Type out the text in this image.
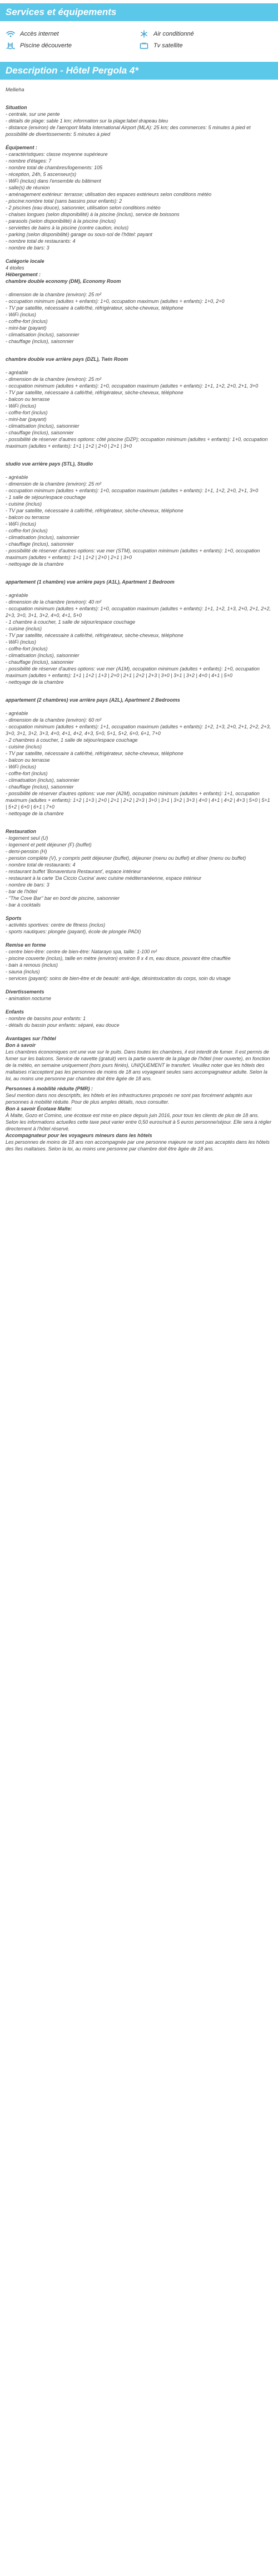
Services et équipements
Accès internet	Air conditionné
Piscine découverte	Tv satellite
Description - Hôtel Pergola 4*

Mellieha

Situation

- centrale, sur une pente

- détails de plage: sable 1 km; information sur la plage:label drapeau bleu

- distance (environ) de l'aeroport Malta International Airport (MLA): 25 km; des commerces: 5 minutes à pied et possibilité de divertissements: 5 minutes à pied

Équipement :

- caractéristiques: classe moyenne supérieure

- nombre d'étages: 7

- nombre total de chambres/logements: 105

- réception, 24h, 5 ascenseur(s)

- WiFi (inclus) dans l'ensemble du bâtiment

- salle(s) de réunion

- aménagement extérieur: terrasse; utilisation des espaces extérieurs selon conditions météo

- piscine:nombre total (sans bassins pour enfants): 2

- 2 piscines (eau douce), saisonnier, utilisation selon conditions météo

- chaises longues (selon disponibilité) à la piscine (inclus), service de boissons

- parasols (selon disponibilité) à la piscine (inclus)

- serviettes de bains à la piscine (contre caution, inclus)

- parking (selon disponibilité) garage ou sous-sol de l'hôtel: payant

- nombre total de restaurants: 4

- nombre de bars: 3

Catégorie locale

4 étoiles

Hébergement :

chambre double economy (DM), Economy Room

- dimension de la chambre (environ): 25 m²

- occupation minimum (adultes + enfants): 1+0, occupation maximum (adultes + enfants): 1+0, 2+0

- TV par satellite, nécessaire à café/thé, réfrigérateur, sèche-cheveux, téléphone

- WiFi (inclus)

- coffre-fort (inclus)

- mini-bar (payant)

- climatisation (inclus), saisonnier

- chauffage (inclus), saisonnier

chambre double vue arrière pays (DZL), Twin Room

- agréable

- dimension de la chambre (environ): 25 m²

- occupation minimum (adultes + enfants): 1+0, occupation maximum (adultes + enfants): 1+1, 1+2, 2+0, 2+1, 3+0

- TV par satellite, nécessaire à café/thé, réfrigérateur, sèche-cheveux, téléphone

- balcon ou terrasse

- WiFi (inclus)

- coffre-fort (inclus)

- mini-bar (payant)

- climatisation (inclus), saisonnier

- chauffage (inclus), saisonnier

- possibilité de réserver d'autres options: côté piscine (DZP); occupation minimum (adultes + enfants): 1+0, occupation maximum (adultes + enfants): 1+1 | 1+2 | 2+0 | 2+1 | 3+0

studio vue arrière pays (STL), Studio

- agréable

- dimension de la chambre (environ): 25 m²

- occupation minimum (adultes + enfants): 1+0, occupation maximum (adultes + enfants): 1+1, 1+2, 2+0, 2+1, 3+0

- 1 salle de séjour/espace couchage

- cuisine (inclus)

- TV par satellite, nécessaire à café/thé, réfrigérateur, sèche-cheveux, téléphone

- balcon ou terrasse

- WiFi (inclus)

- coffre-fort (inclus)

- climatisation (inclus), saisonnier

- chauffage (inclus), saisonnier

- possibilité de réserver d'autres options: vue mer (STM), occupation minimum (adultes + enfants): 1+0, occupation maximum (adultes + enfants): 1+1 | 1+2 | 2+0 | 2+1 | 3+0

- nettoyage de la chambre

appartement (1 chambre) vue arrière pays (A1L), Apartment 1 Bedroom

- agréable

- dimension de la chambre (environ): 40 m²

- occupation minimum (adultes + enfants): 1+0, occupation maximum (adultes + enfants): 1+1, 1+2, 1+3, 2+0, 2+1, 2+2, 2+3, 3+0, 3+1, 3+2, 4+0, 4+1, 5+0

- 1 chambre à coucher, 1 salle de séjour/espace couchage

- cuisine (inclus)

- TV par satellite, nécessaire à café/thé, réfrigérateur, sèche-cheveux, téléphone

- WiFi (inclus)

- coffre-fort (inclus)

- climatisation (inclus), saisonnier

- chauffage (inclus), saisonnier

- possibilité de réserver d'autres options: vue mer (A1M), occupation minimum (adultes + enfants): 1+0, occupation maximum (adultes + enfants): 1+1 | 1+2 | 1+3 | 2+0 | 2+1 | 2+2 | 2+3 | 3+0 | 3+1 | 3+2 | 4+0 | 4+1 | 5+0

- nettoyage de la chambre

appartement (2 chambres) vue arrière pays (A2L), Apartment 2 Bedrooms

- agréable

- dimension de la chambre (environ): 60 m²

- occupation minimum (adultes + enfants): 1+1, occupation maximum (adultes + enfants): 1+2, 1+3, 2+0, 2+1, 2+2, 2+3, 3+0, 3+1, 3+2, 3+3, 4+0, 4+1, 4+2, 4+3, 5+0, 5+1, 5+2, 6+0, 6+1, 7+0

- 2 chambres à coucher, 1 salle de séjour/espace couchage

- cuisine (inclus)

- TV par satellite, nécessaire à café/thé, réfrigérateur, sèche-cheveux, téléphone

- balcon ou terrasse

- WiFi (inclus)

- coffre-fort (inclus)

- climatisation (inclus), saisonnier

- chauffage (inclus), saisonnier

- possibilité de réserver d'autres options: vue mer (A2M), occupation minimum (adultes + enfants): 1+1, occupation maximum (adultes + enfants): 1+2 | 1+3 | 2+0 | 2+1 | 2+2 | 2+3 | 3+0 | 3+1 | 3+2 | 3+3 | 4+0 | 4+1 | 4+2 | 4+3 | 5+0 | 5+1 | 5+2 | 6+0 | 6+1 | 7+0

- nettoyage de la chambre

Restauration

- logement seul (U)

- logement et petit déjeuner (F) (buffet)

- demi-pension (H)

- pension complète (V), y compris petit déjeuner (buffet), déjeuner (menu ou buffet) et dîner (menu ou buffet)

- nombre total de restaurants: 4

- restaurant buffet 'Bonaventura Restaurant', espace intérieur

- restaurant à la carte 'Da Ciccio Cucina' avec cuisine méditerranéenne, espace intérieur

- nombre de bars: 3

- bar de l'hôtel

- "The Cove Bar" bar en bord de piscine, saisonnier

- bar à cocktails

Sports

- activités sportives: centre de fitness (inclus)

- sports nautiques: plongée (payant), école de plongée PADI)

Remise en forme

- centre bien-être: centre de bien-être: Natarayo spa, taille: 1-100 m²

- piscine couverte (inclus), taille en mètre (environ) environ 8 x 4 m, eau douce, pouvant être chauffée

- bain à remous (inclus)

- sauna (inclus)

- services (payant): soins de bien-être et de beauté: anti-âge, désintoxication du corps, soin du visage

Divertissements

- animation nocturne

Enfants

- nombre de bassins pour enfants: 1

- détails du bassin pour enfants: séparé, eau douce

Avantages sur l'hôtel

Bon à savoir

Les chambres économiques ont une vue sur le puits. Dans toutes les chambres, il est interdit de fumer. Il est permis de fumer sur les balcons. Service de navette (gratuit) vers la partie ouverte de la plage de l'hôtel (mer ouverte), en fonction de la météo, en semaine uniquement (hors jours fériés), UNIQUEMENT le transfert. Veuillez noter que les hôtels des maltaises n'acceptent pas les personnes de moins de 18 ans voyageant seules sans accompagnateur adulte. Selon la loi, au moins une personne par chambre doit être âgée de 18 ans.

Personnes à mobilité réduite (PMR) :

Seul mention dans nos descriptifs, les hôtels et les infrastructures proposés ne sont pas forcément adaptés aux personnes à mobilité réduite. Pour de plus amples détails, nous consulter.

Bon à savoir Écotaxe Malte:

À Malte, Gozo et Comino, une écotaxe est mise en place depuis juin 2016, pour tous les clients de plus de 18 ans. Selon les informations actuelles cette taxe peut varier entre 0,50 euros/nuit à 5 euros personne/séjour. Elle sera à régler directement à l'hôtel réservé.

Accompagnateur pour les voyageurs mineurs dans les hôtels

Les personnes de moins de 18 ans non accompagnée par une personne majeure ne sont pas acceptés dans les hôtels des îles maltaises. Selon la loi, au moins une personne par chambre doit être âgée de 18 ans.
